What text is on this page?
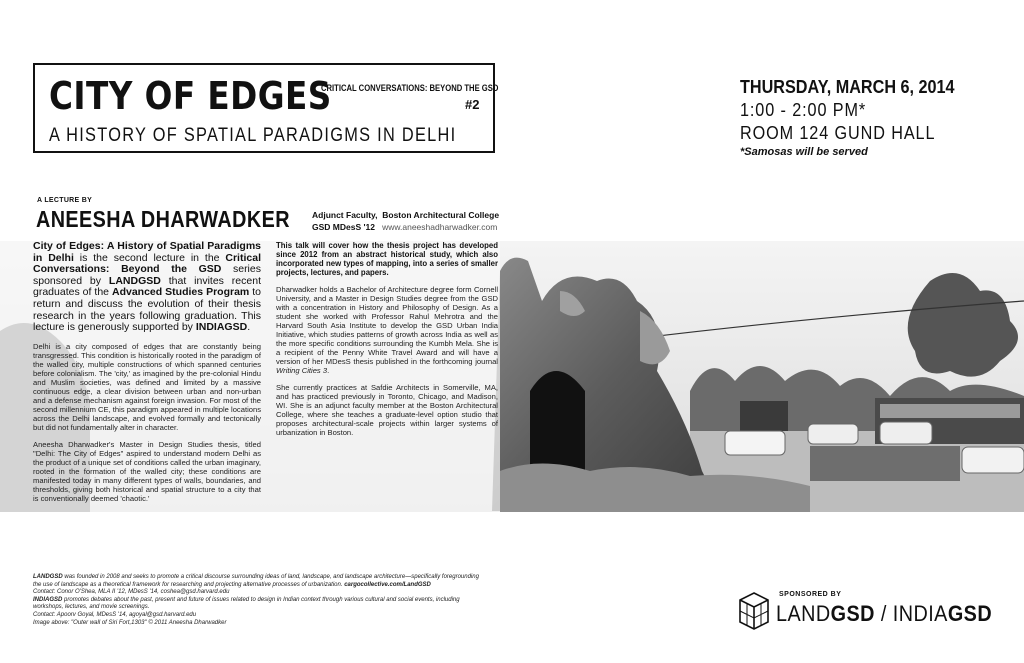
CITY OF EDGES
CRITICAL CONVERSATIONS: BEYOND THE GSD
#2
A HISTORY OF SPATIAL PARADIGMS IN DELHI
THURSDAY, MARCH 6, 2014
1:00 - 2:00 PM*
ROOM 124 GUND HALL
*Samosas will be served
A LECTURE BY
ANEESHA DHARWADKER	Adjunct Faculty, Boston Architectural College
GSD MDesS '12 www.aneeshadharwadker.com

City of Edges: A History of Spatial Paradigms in Delhi is the second lecture in the Critical Conversations: Beyond the GSD series sponsored by LANDGSD that invites recent graduates of the Advanced Studies Program to return and discuss the evolution of their thesis research in the years following graduation. This lecture is generously supported by INDIAGSD.

Delhi is a city composed of edges that are constantly being transgressed. This condition is historically rooted in the paradigm of the walled city, multiple constructions of which spanned centuries before colonialism. The 'city,' as imagined by the pre-colonial Hindu and Muslim societies, was defined and limited by a massive continuous edge, a clear division between urban and non-urban and a defense mechanism against foreign invasion. For most of the second millennium CE, this paradigm appeared in multiple locations across the Delhi landscape, and evolved formally and tectonically but did not fundamentally alter in character.

Aneesha Dharwadker's Master in Design Studies thesis, titled "Delhi: The City of Edges" aspired to understand modern Delhi as the product of a unique set of conditions called the urban imaginary, rooted in the formation of the walled city; these conditions are manifested today in many different types of walls, boundaries, and thresholds, giving both historical and spatial structure to a city that is conventionally deemed 'chaotic.'

This talk will cover how the thesis project has developed since 2012 from an abstract historical study, which also incorporated new types of mapping, into a series of smaller projects, lectures, and papers.

Dharwadker holds a Bachelor of Architecture degree form Cornell University, and a Master in Design Studies degree from the GSD with a concentration in History and Philosophy of Design. As a student she worked with Professor Rahul Mehrotra and the Harvard South Asia Institute to develop the GSD Urban India Initiative, which studies patterns of growth across India as well as the more specific conditions surrounding the Kumbh Mela. She is a recipient of the Penny White Travel Award and will have a version of her MDesS thesis published in the forthcoming journal Writing Cities 3.

She currently practices at Safdie Architects in Somerville, MA, and has practiced previously in Toronto, Chicago, and Madison, WI. She is an adjunct faculty member at the Boston Architectural College, where she teaches a graduate-level option studio that proposes architectural-scale projects within larger systems of urbanization in Boston.

LANDGSD was founded in 2008 and seeks to promote a critical discourse surrounding ideas of land, landscape, and landscape architecture—specifically foregrounding

the use of landscape as a theoretical framework for researching and projecting alternative processes of urbanization. cargocollective.com/LandGSD

Contact: Conor O'Shea, MLA II '12, MDesS '14, coshea@gsd.harvard.edu

INDIAGSD promotes debates about the past, present and future of issues related to design in Indian context through various cultural and social events, including

workshops, lectures, and movie screenings.

Contact: Apoorv Goyal, MDesS '14, agoyal@gsd.harvard.edu

Image above: "Outer wall of Siri Fort,1303" © 2011 Aneesha Dharwadker

SPONSORED BY
LANDGSD / INDIAGSD
